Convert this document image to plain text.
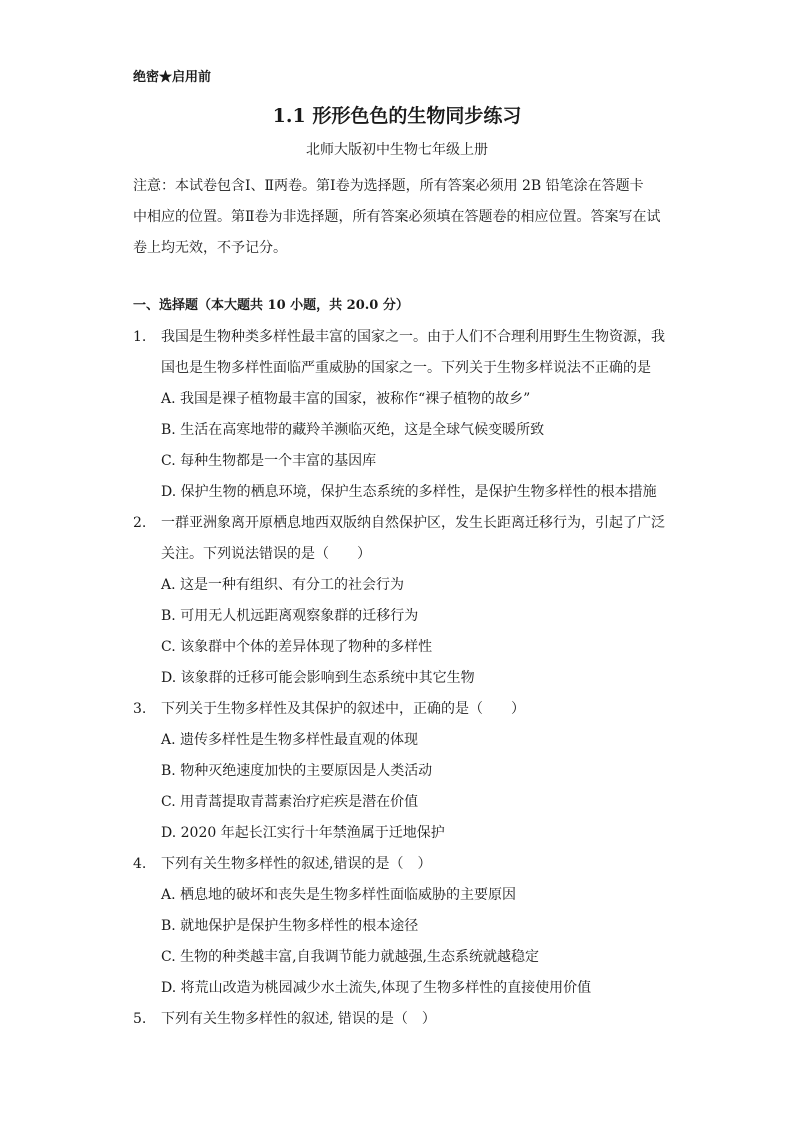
绝密★启用前
1.1 形形色色的生物同步练习
北师大版初中生物七年级上册
注意：本试卷包含Ⅰ、Ⅱ两卷。第Ⅰ卷为选择题，所有答案必须用 2B 铅笔涂在答题卡
中相应的位置。第Ⅱ卷为非选择题，所有答案必须填在答题卷的相应位置。答案写在试
卷上均无效，不予记分。
一、选择题（本大题共 10 小题，共 20.0 分）
1. 我国是生物种类多样性最丰富的国家之一。由于人们不合理利用野生生物资源，我
国也是生物多样性面临严重威胁的国家之一。下列关于生物多样说法不正确的是
A. 我国是裸子植物最丰富的国家，被称作“裸子植物的故乡”
B. 生活在高寒地带的藏羚羊濒临灭绝，这是全球气候变暖所致
C. 每种生物都是一个丰富的基因库
D. 保护生物的栖息环境，保护生态系统的多样性，是保护生物多样性的根本措施
2. 一群亚洲象离开原栖息地西双版纳自然保护区，发生长距离迁移行为，引起了广泛
关注。下列说法错误的是（　　）
A. 这是一种有组织、有分工的社会行为
B. 可用无人机远距离观察象群的迁移行为
C. 该象群中个体的差异体现了物种的多样性
D. 该象群的迁移可能会影响到生态系统中其它生物
3. 下列关于生物多样性及其保护的叙述中，正确的是（　　）
A. 遗传多样性是生物多样性最直观的体现
B. 物种灭绝速度加快的主要原因是人类活动
C. 用青蒿提取青蒿素治疗疟疾是潜在价值
D. 2020 年起长江实行十年禁渔属于迁地保护
4. 下列有关生物多样性的叙述,错误的是（　）
A. 栖息地的破坏和丧失是生物多样性面临威胁的主要原因
B. 就地保护是保护生物多样性的根本途径
C. 生物的种类越丰富,自我调节能力就越强,生态系统就越稳定
D. 将荒山改造为桃园减少水土流失,体现了生物多样性的直接使用价值
5. 下列有关生物多样性的叙述, 错误的是（　）
